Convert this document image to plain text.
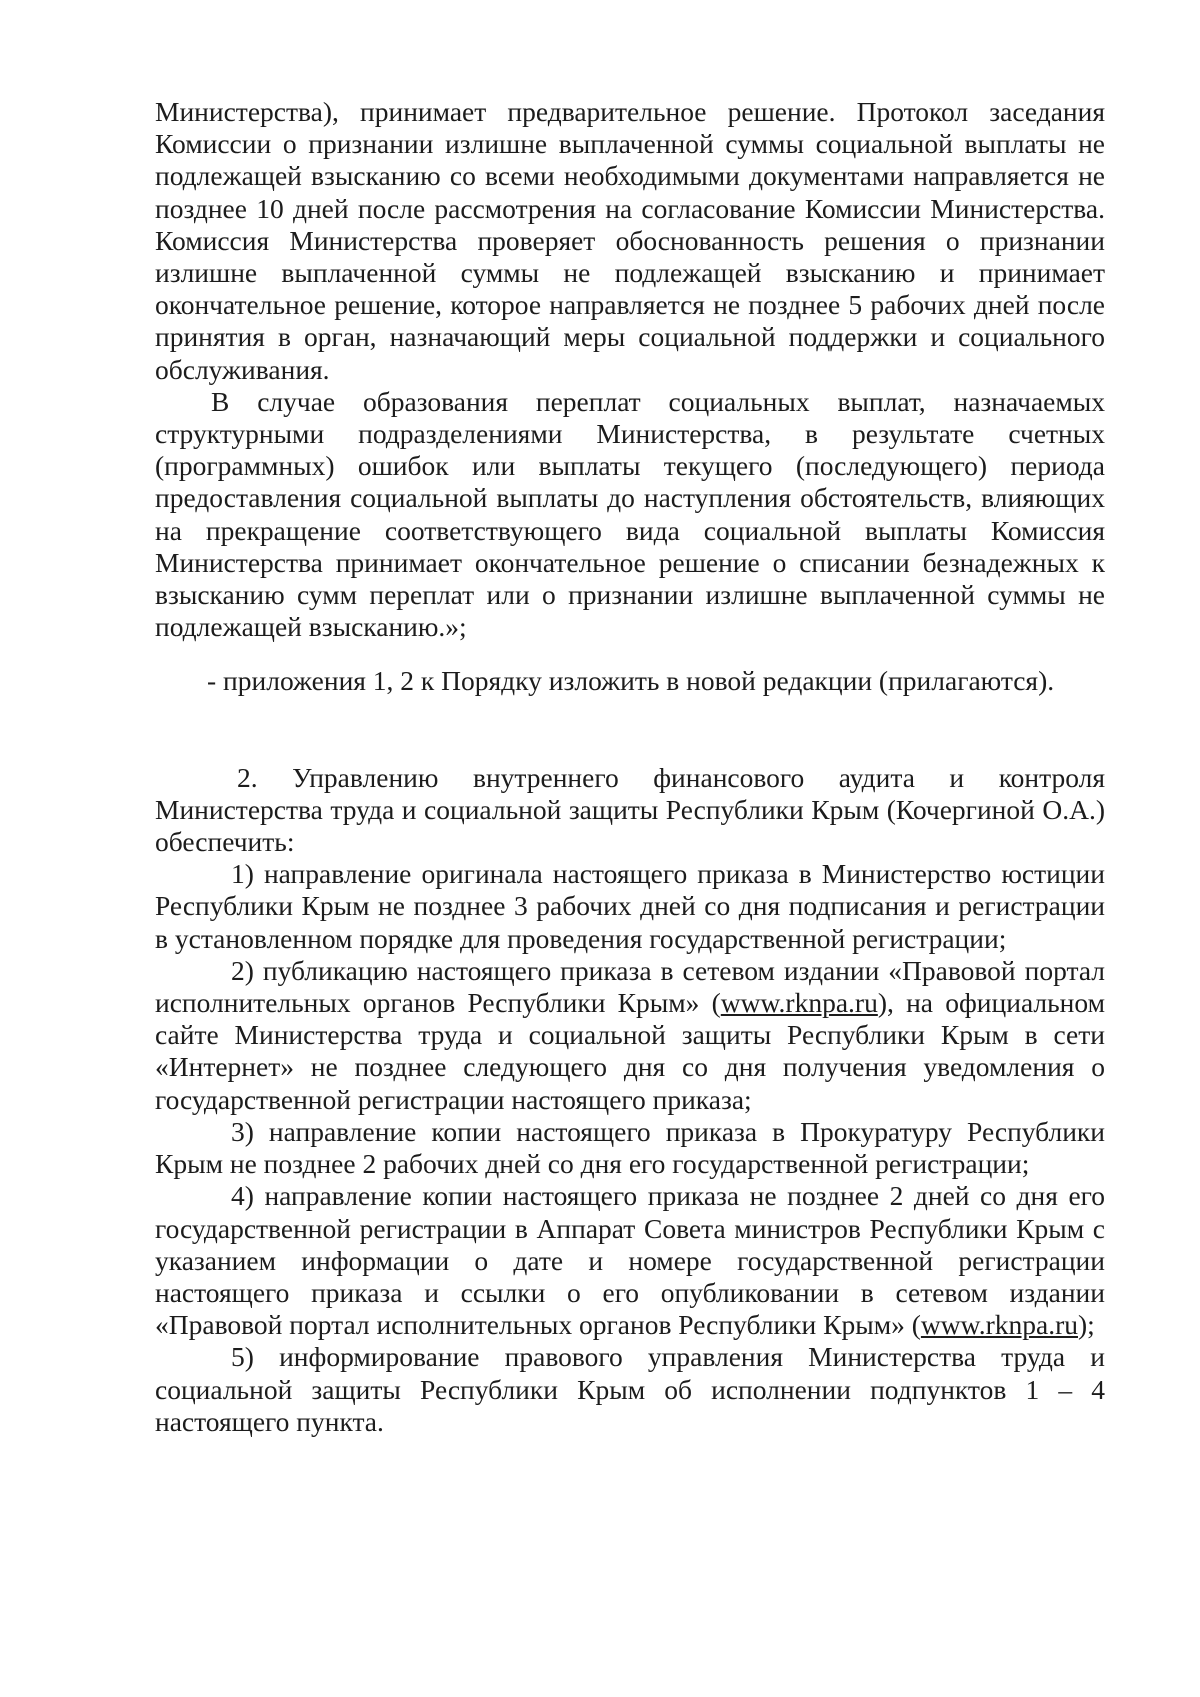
Министерства), принимает предварительное решение. Протокол заседания Комиссии о признании излишне выплаченной суммы социальной выплаты не подлежащей взысканию со всеми необходимыми документами направляется не позднее 10 дней после рассмотрения на согласование Комиссии Министерства. Комиссия Министерства проверяет обоснованность решения о признании излишне выплаченной суммы не подлежащей взысканию и принимает окончательное решение, которое направляется не позднее 5 рабочих дней после принятия в орган, назначающий меры социальной поддержки и социального обслуживания.

В случае образования переплат социальных выплат, назначаемых структурными подразделениями Министерства, в результате счетных (программных) ошибок или выплаты текущего (последующего) периода предоставления социальной выплаты до наступления обстоятельств, влияющих на прекращение соответствующего вида социальной выплаты Комиссия Министерства принимает окончательное решение о списании безнадежных к взысканию сумм переплат или о признании излишне выплаченной суммы не подлежащей взысканию.»;

- приложения 1, 2 к Порядку изложить в новой редакции (прилагаются).

2. Управлению внутреннего финансового аудита и контроля Министерства труда и социальной защиты Республики Крым (Кочергиной О.А.) обеспечить:

1) направление оригинала настоящего приказа в Министерство юстиции Республики Крым не позднее 3 рабочих дней со дня подписания и регистрации в установленном порядке для проведения государственной регистрации;

2) публикацию настоящего приказа в сетевом издании «Правовой портал исполнительных органов Республики Крым» (www.rknpa.ru), на официальном сайте Министерства труда и социальной защиты Республики Крым в сети «Интернет» не позднее следующего дня со дня получения уведомления о государственной регистрации настоящего приказа;

3) направление копии настоящего приказа в Прокуратуру Республики Крым не позднее 2 рабочих дней со дня его государственной регистрации;

4) направление копии настоящего приказа не позднее 2 дней со дня его государственной регистрации в Аппарат Совета министров Республики Крым с указанием информации о дате и номере государственной регистрации настоящего приказа и ссылки о его опубликовании в сетевом издании «Правовой портал исполнительных органов Республики Крым» (www.rknpa.ru);

5) информирование правового управления Министерства труда и социальной защиты Республики Крым об исполнении подпунктов 1 – 4 настоящего пункта.
